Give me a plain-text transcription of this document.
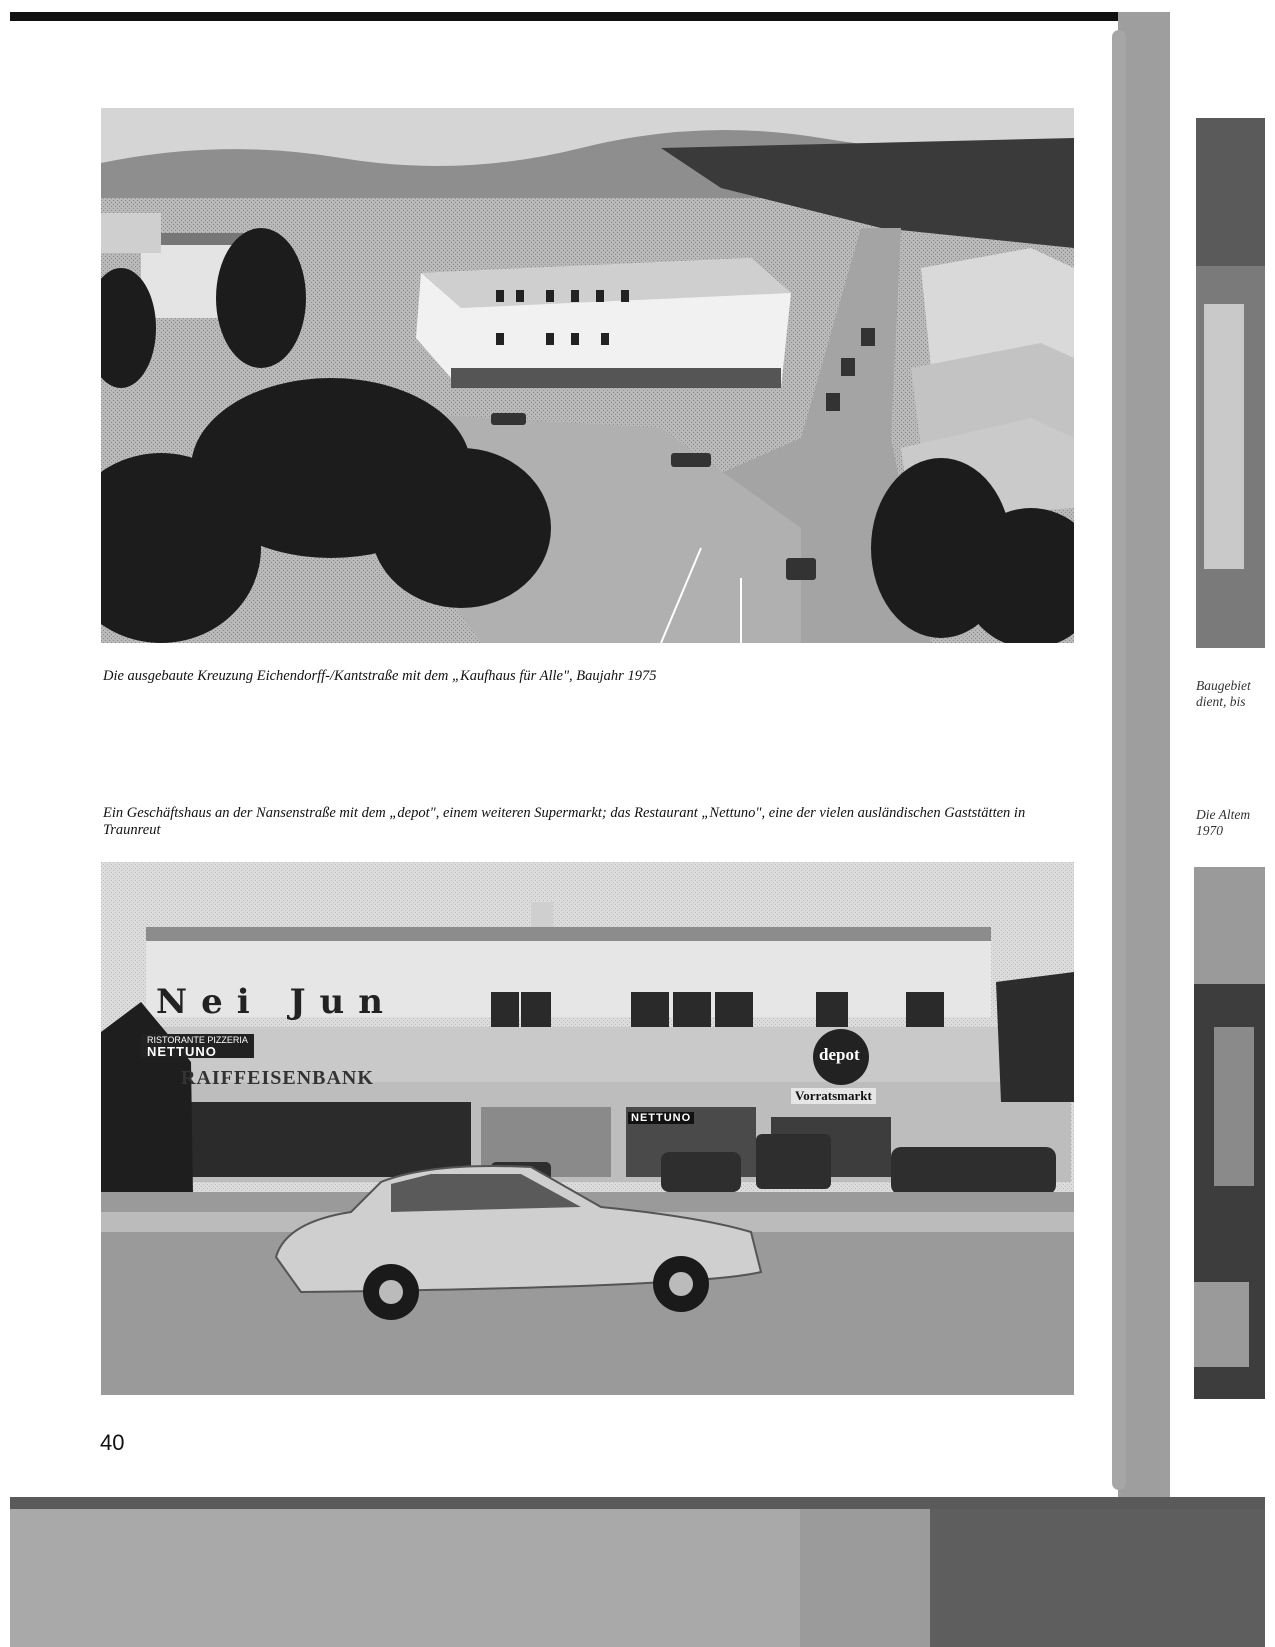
Die ausgebaute Kreuzung Eichendorff-/Kantstraße mit dem „Kaufhaus für Alle", Baujahr 1975
Ein Geschäftshaus an der Nansenstraße mit dem „depot", einem weiteren Supermarkt; das Restaurant „Nettuno", eine der vielen ausländischen Gaststätten in Traunreut
Nei Jun
RISTORANTE PIZZERIA
NETTUNO
RAIFFEISENBANK
depot
Vorratsmarkt
NETTUNO
40
Baugebiet
dient, bis
Die Altem
1970
